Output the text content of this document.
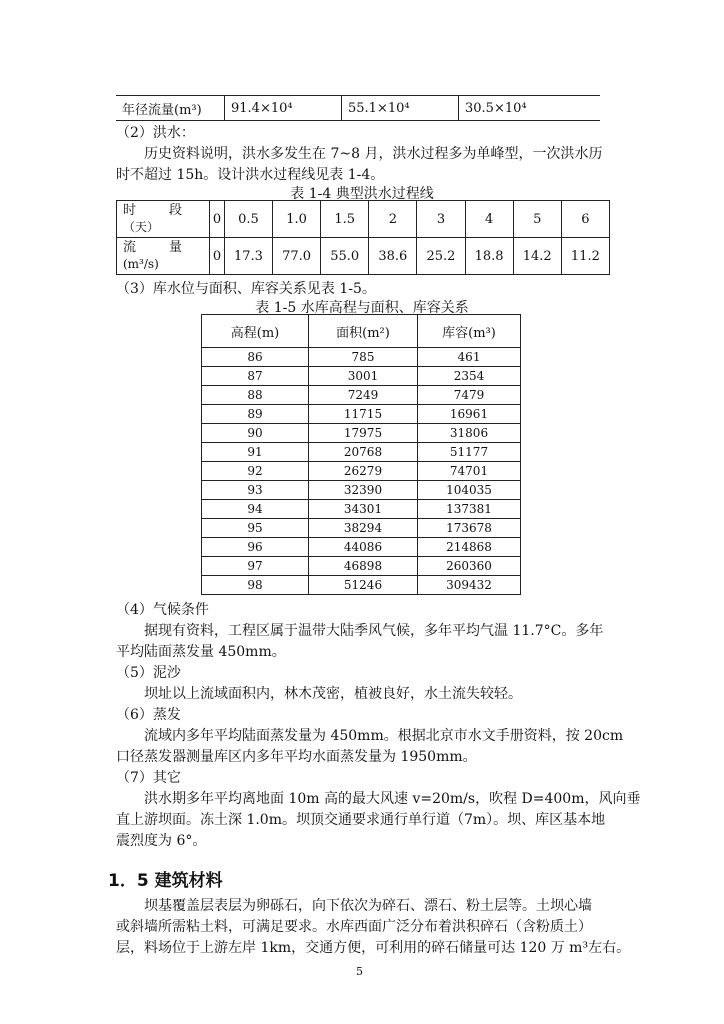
年径流量(m³)	91.4×10⁴	55.1×10⁴	30.5×10⁴
（2）洪水：
历史资料说明，洪水多发生在 7~8 月，洪水过程多为单峰型，一次洪水历
时不超过 15h。设计洪水过程线见表 1-4。
表 1-4 典型洪水过程线
时        段
（天）	0	0.5	1.0	1.5	2	3	4	5	6

流        量
(m³/s)	0	17.3	77.0	55.0	38.6	25.2	18.8	14.2	11.2
（3）库水位与面积、库容关系见表 1-5。
表 1-5 水库高程与面积、库容关系
高程(m)	面积(m²)	库容(m³)
86	785	461
87	3001	2354
88	7249	7479
89	11715	16961
90	17975	31806
91	20768	51177
92	26279	74701
93	32390	104035
94	34301	137381
95	38294	173678
96	44086	214868
97	46898	260360
98	51246	309432
（4）气候条件
据现有资料，工程区属于温带大陆季风气候，多年平均气温 11.7°C。多年
平均陆面蒸发量 450mm。
（5）泥沙
坝址以上流域面积内，林木茂密，植被良好，水土流失较轻。
（6）蒸发
流域内多年平均陆面蒸发量为 450mm。根据北京市水文手册资料，按 20cm
口径蒸发器测量库区内多年平均水面蒸发量为 1950mm。
（7）其它
洪水期多年平均离地面 10m 高的最大风速 v=20m/s，吹程 D=400m，风向垂
直上游坝面。冻土深 1.0m。坝顶交通要求通行单行道（7m）。坝、库区基本地
震烈度为 6°。
1．5 建筑材料
坝基覆盖层表层为卵砾石，向下依次为碎石、漂石、粉土层等。土坝心墙
或斜墙所需粘土料，可满足要求。水库西面广泛分布着洪积碎石（含粉质土）
层，料场位于上游左岸 1km，交通方便，可利用的碎石储量可达 120 万 m³左右。
5
